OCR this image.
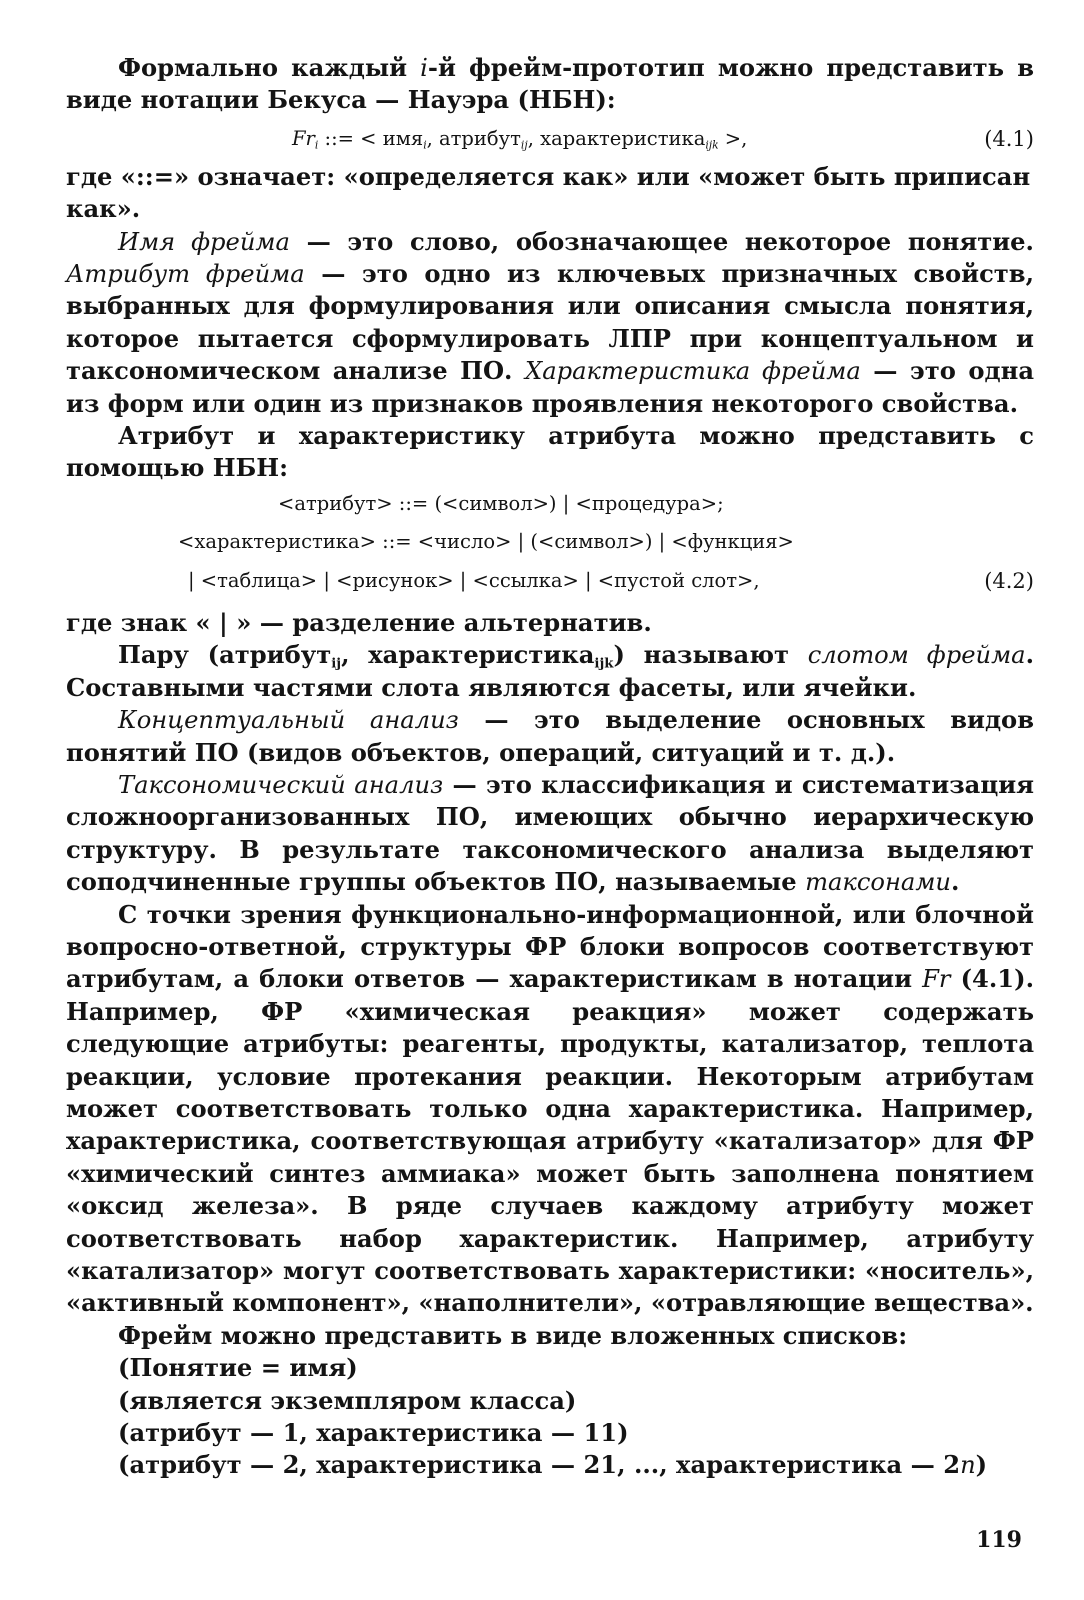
Формально каждый i-й фрейм-прототип можно представить в виде нотации Бекуса — Науэра (НБН):

$Fr_i$ ::= < имя$_i$, атрибут$_{ij}$, характеристика$_{ijk}$ >,	(4.1)

где «::=» означает: «определяется как» или «может быть приписан как».

Имя фрейма — это слово, обозначающее некоторое понятие. Атрибут фрейма — это одно из ключевых призначных свойств, выбранных для формулирования или описания смысла понятия, которое пытается сформулировать ЛПР при концептуальном и таксономическом анализе ПО. Характеристика фрейма — это одна из форм или один из признаков проявления некоторого свойства.

Атрибут и характеристику атрибута можно представить с помощью НБН:

<атрибут> ::= (<символ>) | <процедура>;
<характеристика> ::= <число> | (<символ>) | <функция>
| <таблица> | <рисунок> | <ссылка> | <пустой слот>,	(4.2)

где знак « | » — разделение альтернатив.

Пару (атрибут$_{ij}$, характеристика$_{ijk}$) называют слотом фрейма. Составными частями слота являются фасеты, или ячейки.

Концептуальный анализ — это выделение основных видов понятий ПО (видов объектов, операций, ситуаций и т. д.).

Таксономический анализ — это классификация и систематизация сложноорганизованных ПО, имеющих обычно иерархическую структуру. В результате таксономического анализа выделяют соподчиненные группы объектов ПО, называемые таксонами.

С точки зрения функционально-информационной, или блочной вопросно-ответной, структуры ФР блоки вопросов соответствуют атрибутам, а блоки ответов — характеристикам в нотации Fr (4.1). Например, ФР «химическая реакция» может содержать следующие атрибуты: реагенты, продукты, катализатор, теплота реакции, условие протекания реакции. Некоторым атрибутам может соответствовать только одна характеристика. Например, характеристика, соответствующая атрибуту «катализатор» для ФР «химический синтез аммиака» может быть заполнена понятием «оксид железа». В ряде случаев каждому атрибуту может соответствовать набор характеристик. Например, атрибуту «катализатор» могут соответствовать характеристики: «носитель», «активный компонент», «наполнители», «отравляющие вещества».

Фрейм можно представить в виде вложенных списков:

(Понятие = имя)

(является экземпляром класса)

(атрибут — 1, характеристика — 11)

(атрибут — 2, характеристика — 21, ..., характеристика — 2n)

119
